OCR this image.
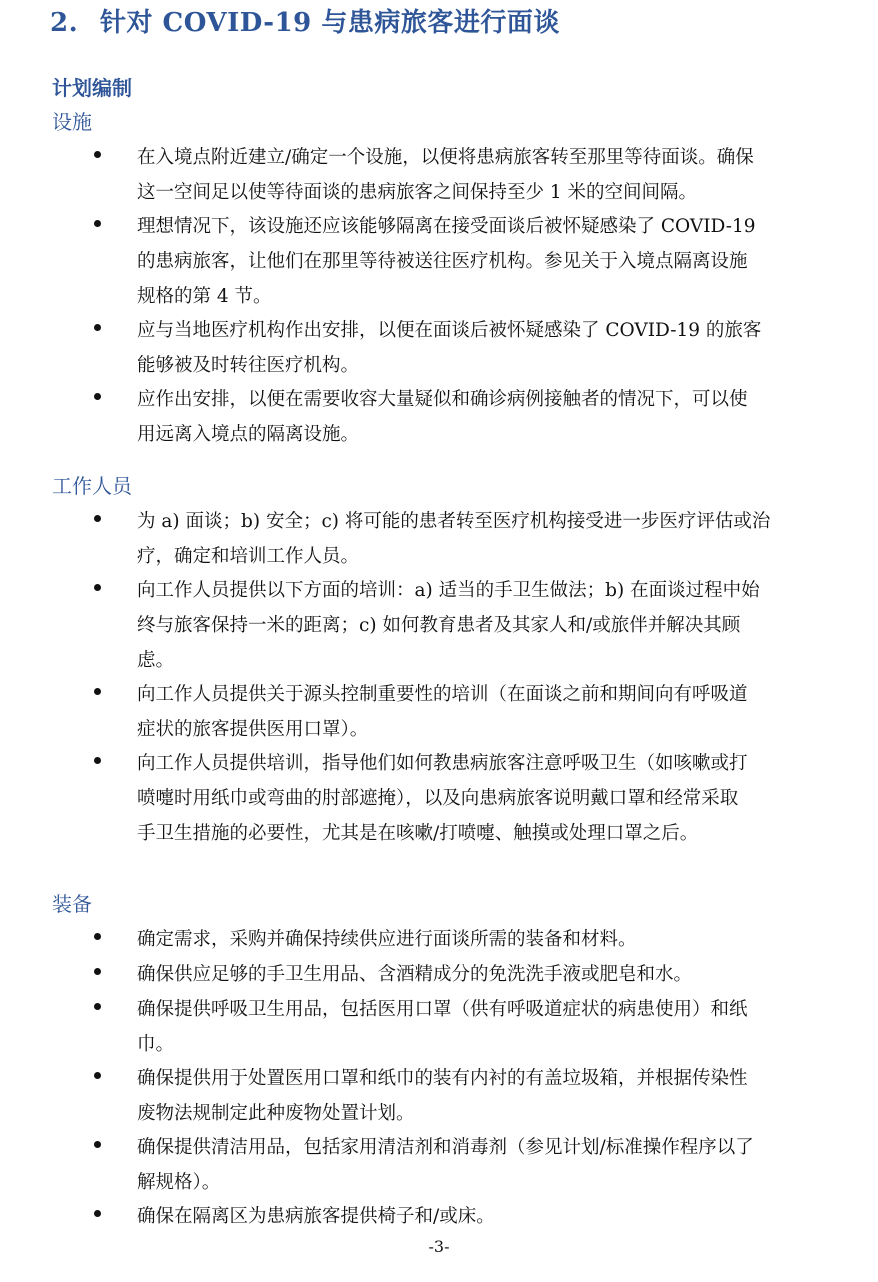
2. 针对 COVID-19 与患病旅客进行面谈
计划编制
设施
在入境点附近建立/确定一个设施，以便将患病旅客转至那里等待面谈。确保
这一空间足以使等待面谈的患病旅客之间保持至少 1 米的空间间隔。
理想情况下，该设施还应该能够隔离在接受面谈后被怀疑感染了 COVID-19
的患病旅客，让他们在那里等待被送往医疗机构。参见关于入境点隔离设施
规格的第 4 节。
应与当地医疗机构作出安排，以便在面谈后被怀疑感染了 COVID-19 的旅客
能够被及时转往医疗机构。
应作出安排，以便在需要收容大量疑似和确诊病例接触者的情况下，可以使
用远离入境点的隔离设施。
工作人员
为 a) 面谈；b) 安全；c) 将可能的患者转至医疗机构接受进一步医疗评估或治
疗，确定和培训工作人员。
向工作人员提供以下方面的培训：a) 适当的手卫生做法；b) 在面谈过程中始
终与旅客保持一米的距离；c) 如何教育患者及其家人和/或旅伴并解决其顾
虑。
向工作人员提供关于源头控制重要性的培训（在面谈之前和期间向有呼吸道
症状的旅客提供医用口罩）。
向工作人员提供培训，指导他们如何教患病旅客注意呼吸卫生（如咳嗽或打
喷嚏时用纸巾或弯曲的肘部遮掩），以及向患病旅客说明戴口罩和经常采取
手卫生措施的必要性，尤其是在咳嗽/打喷嚏、触摸或处理口罩之后。
装备
确定需求，采购并确保持续供应进行面谈所需的装备和材料。
确保供应足够的手卫生用品、含酒精成分的免洗洗手液或肥皂和水。
确保提供呼吸卫生用品，包括医用口罩（供有呼吸道症状的病患使用）和纸
巾。
确保提供用于处置医用口罩和纸巾的装有内衬的有盖垃圾箱，并根据传染性
废物法规制定此种废物处置计划。
确保提供清洁用品，包括家用清洁剂和消毒剂（参见计划/标准操作程序以了
解规格）。
确保在隔离区为患病旅客提供椅子和/或床。
-3-
